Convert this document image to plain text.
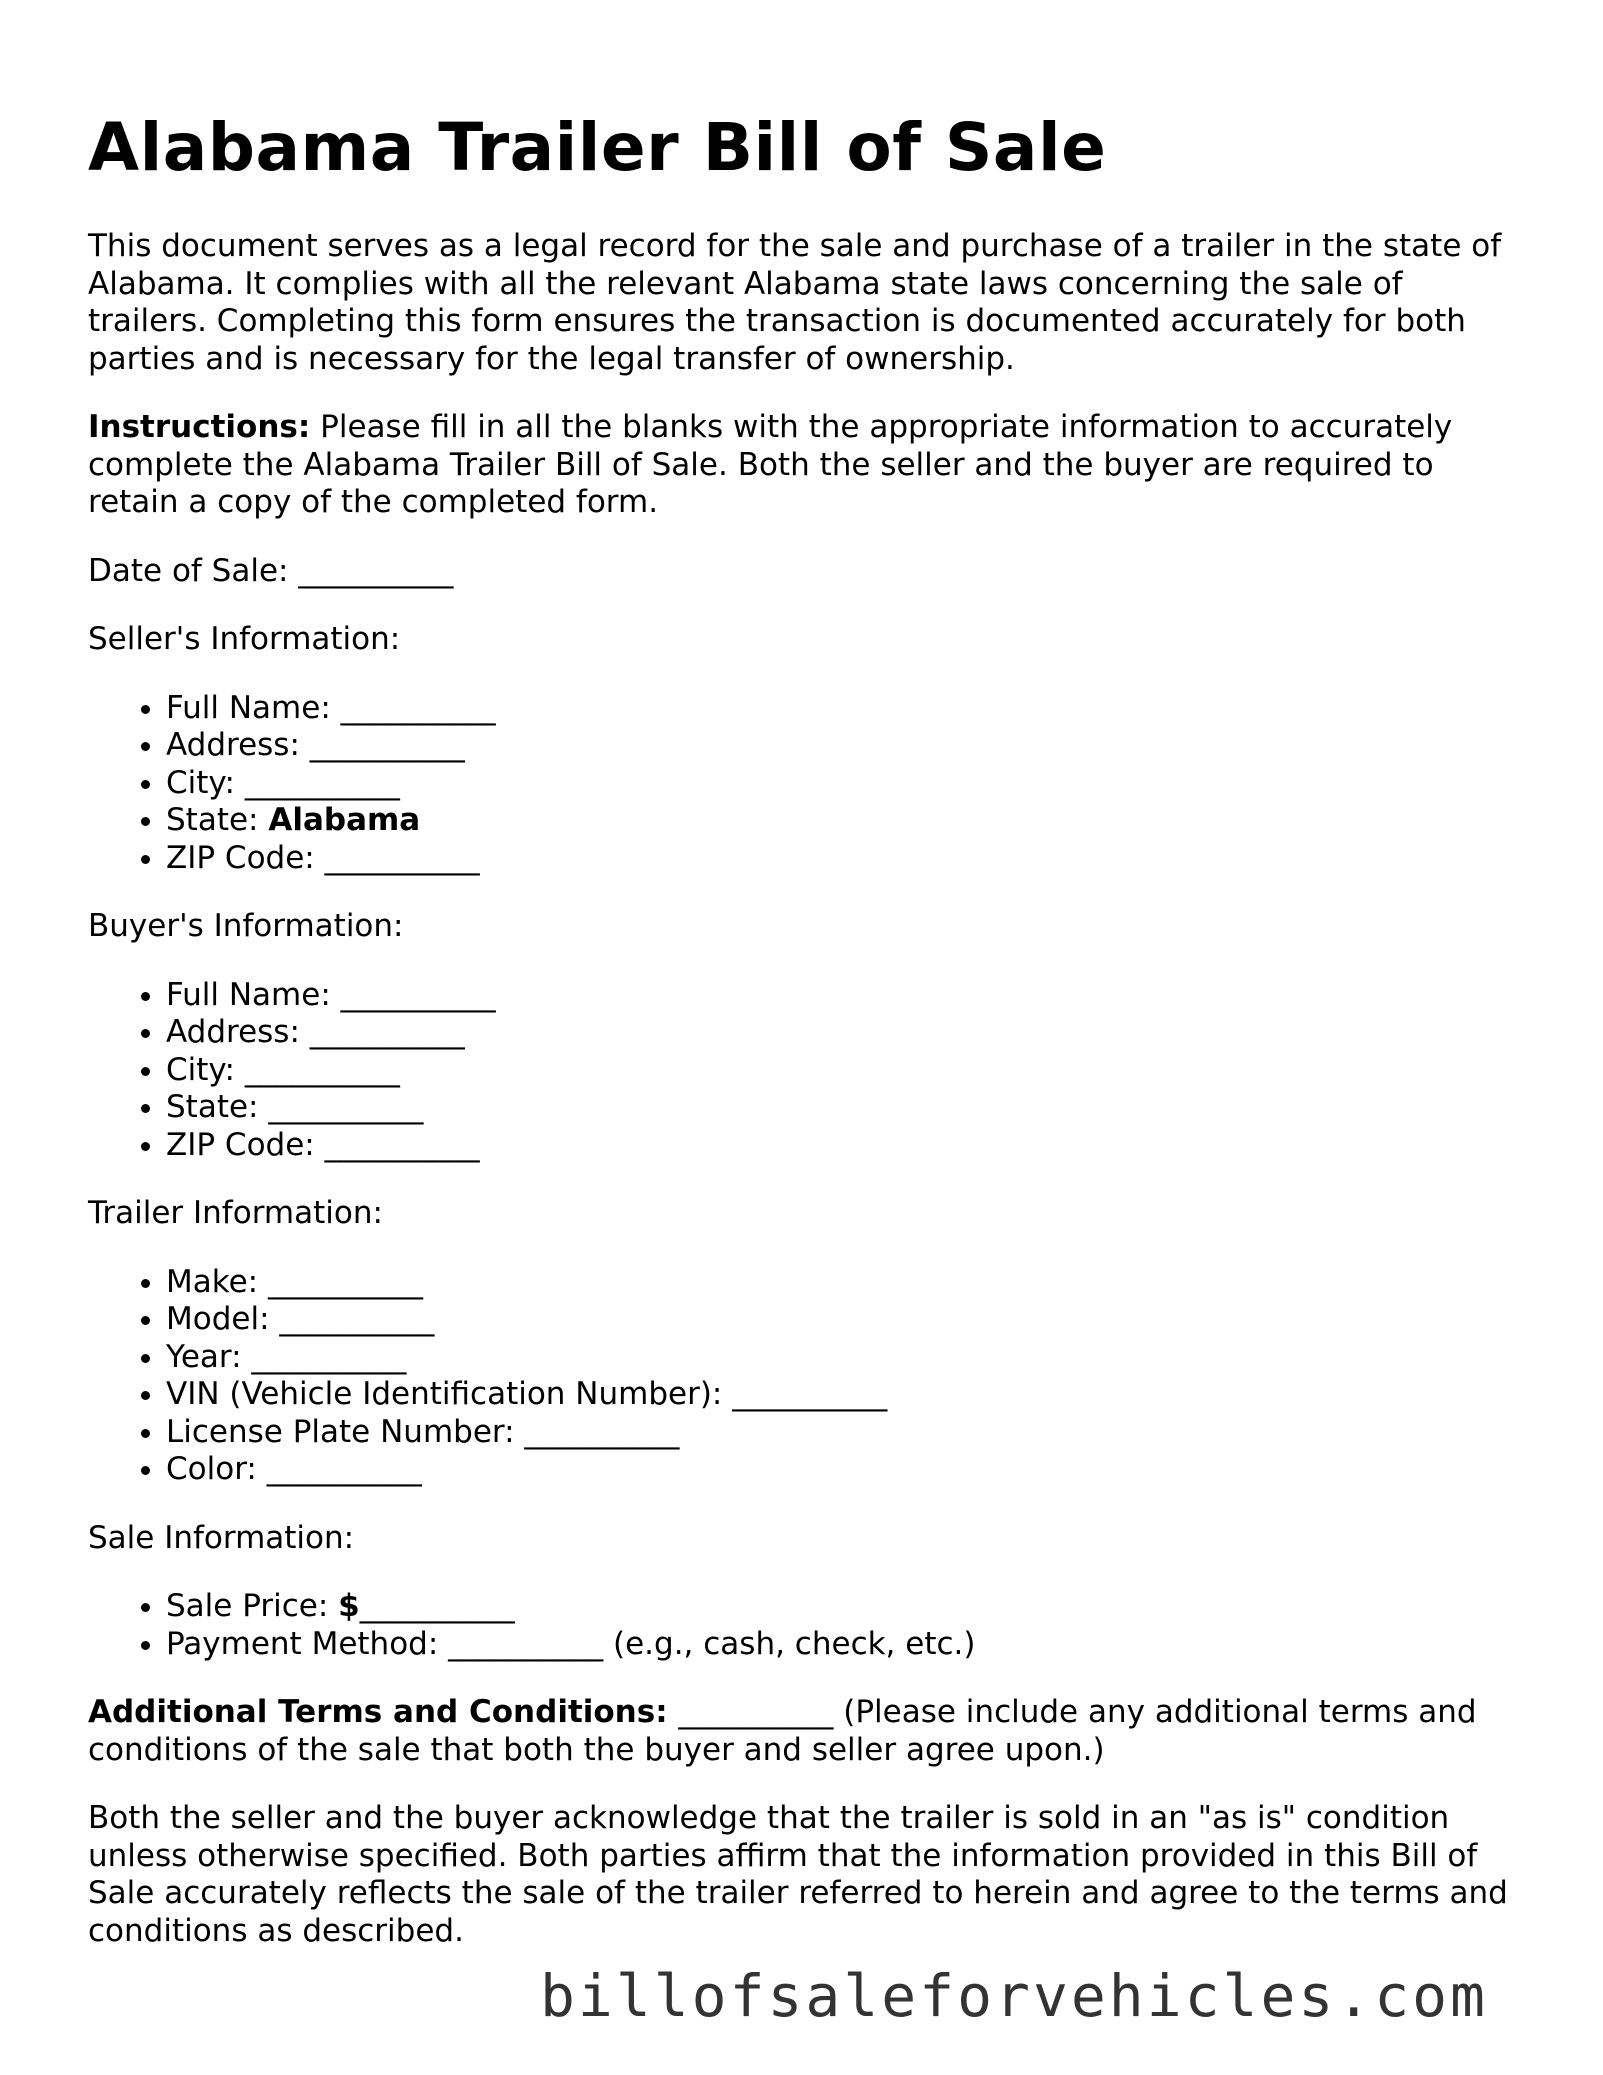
Alabama Trailer Bill of Sale

This document serves as a legal record for the sale and purchase of a trailer in the state of Alabama. It complies with all the relevant Alabama state laws concerning the sale of trailers. Completing this form ensures the transaction is documented accurately for both parties and is necessary for the legal transfer of ownership.

Instructions: Please fill in all the blanks with the appropriate information to accurately complete the Alabama Trailer Bill of Sale. Both the seller and the buyer are required to retain a copy of the completed form.

Date of Sale: __________
Seller's Information:
• Full Name: __________
• Address: __________
• City: __________
• State: Alabama
• ZIP Code: __________
Buyer's Information:
• Full Name: __________
• Address: __________
• City: __________
• State: __________
• ZIP Code: __________
Trailer Information:
• Make: __________
• Model: __________
• Year: __________
• VIN (Vehicle Identification Number): __________
• License Plate Number: __________
• Color: __________
Sale Information:
• Sale Price: $__________
• Payment Method: __________ (e.g., cash, check, etc.)

Additional Terms and Conditions: __________ (Please include any additional terms and conditions of the sale that both the buyer and seller agree upon.)

Both the seller and the buyer acknowledge that the trailer is sold in an "as is" condition unless otherwise specified. Both parties affirm that the information provided in this Bill of Sale accurately reflects the sale of the trailer referred to herein and agree to the terms and conditions as described.

billofsaleforvehicles.com
